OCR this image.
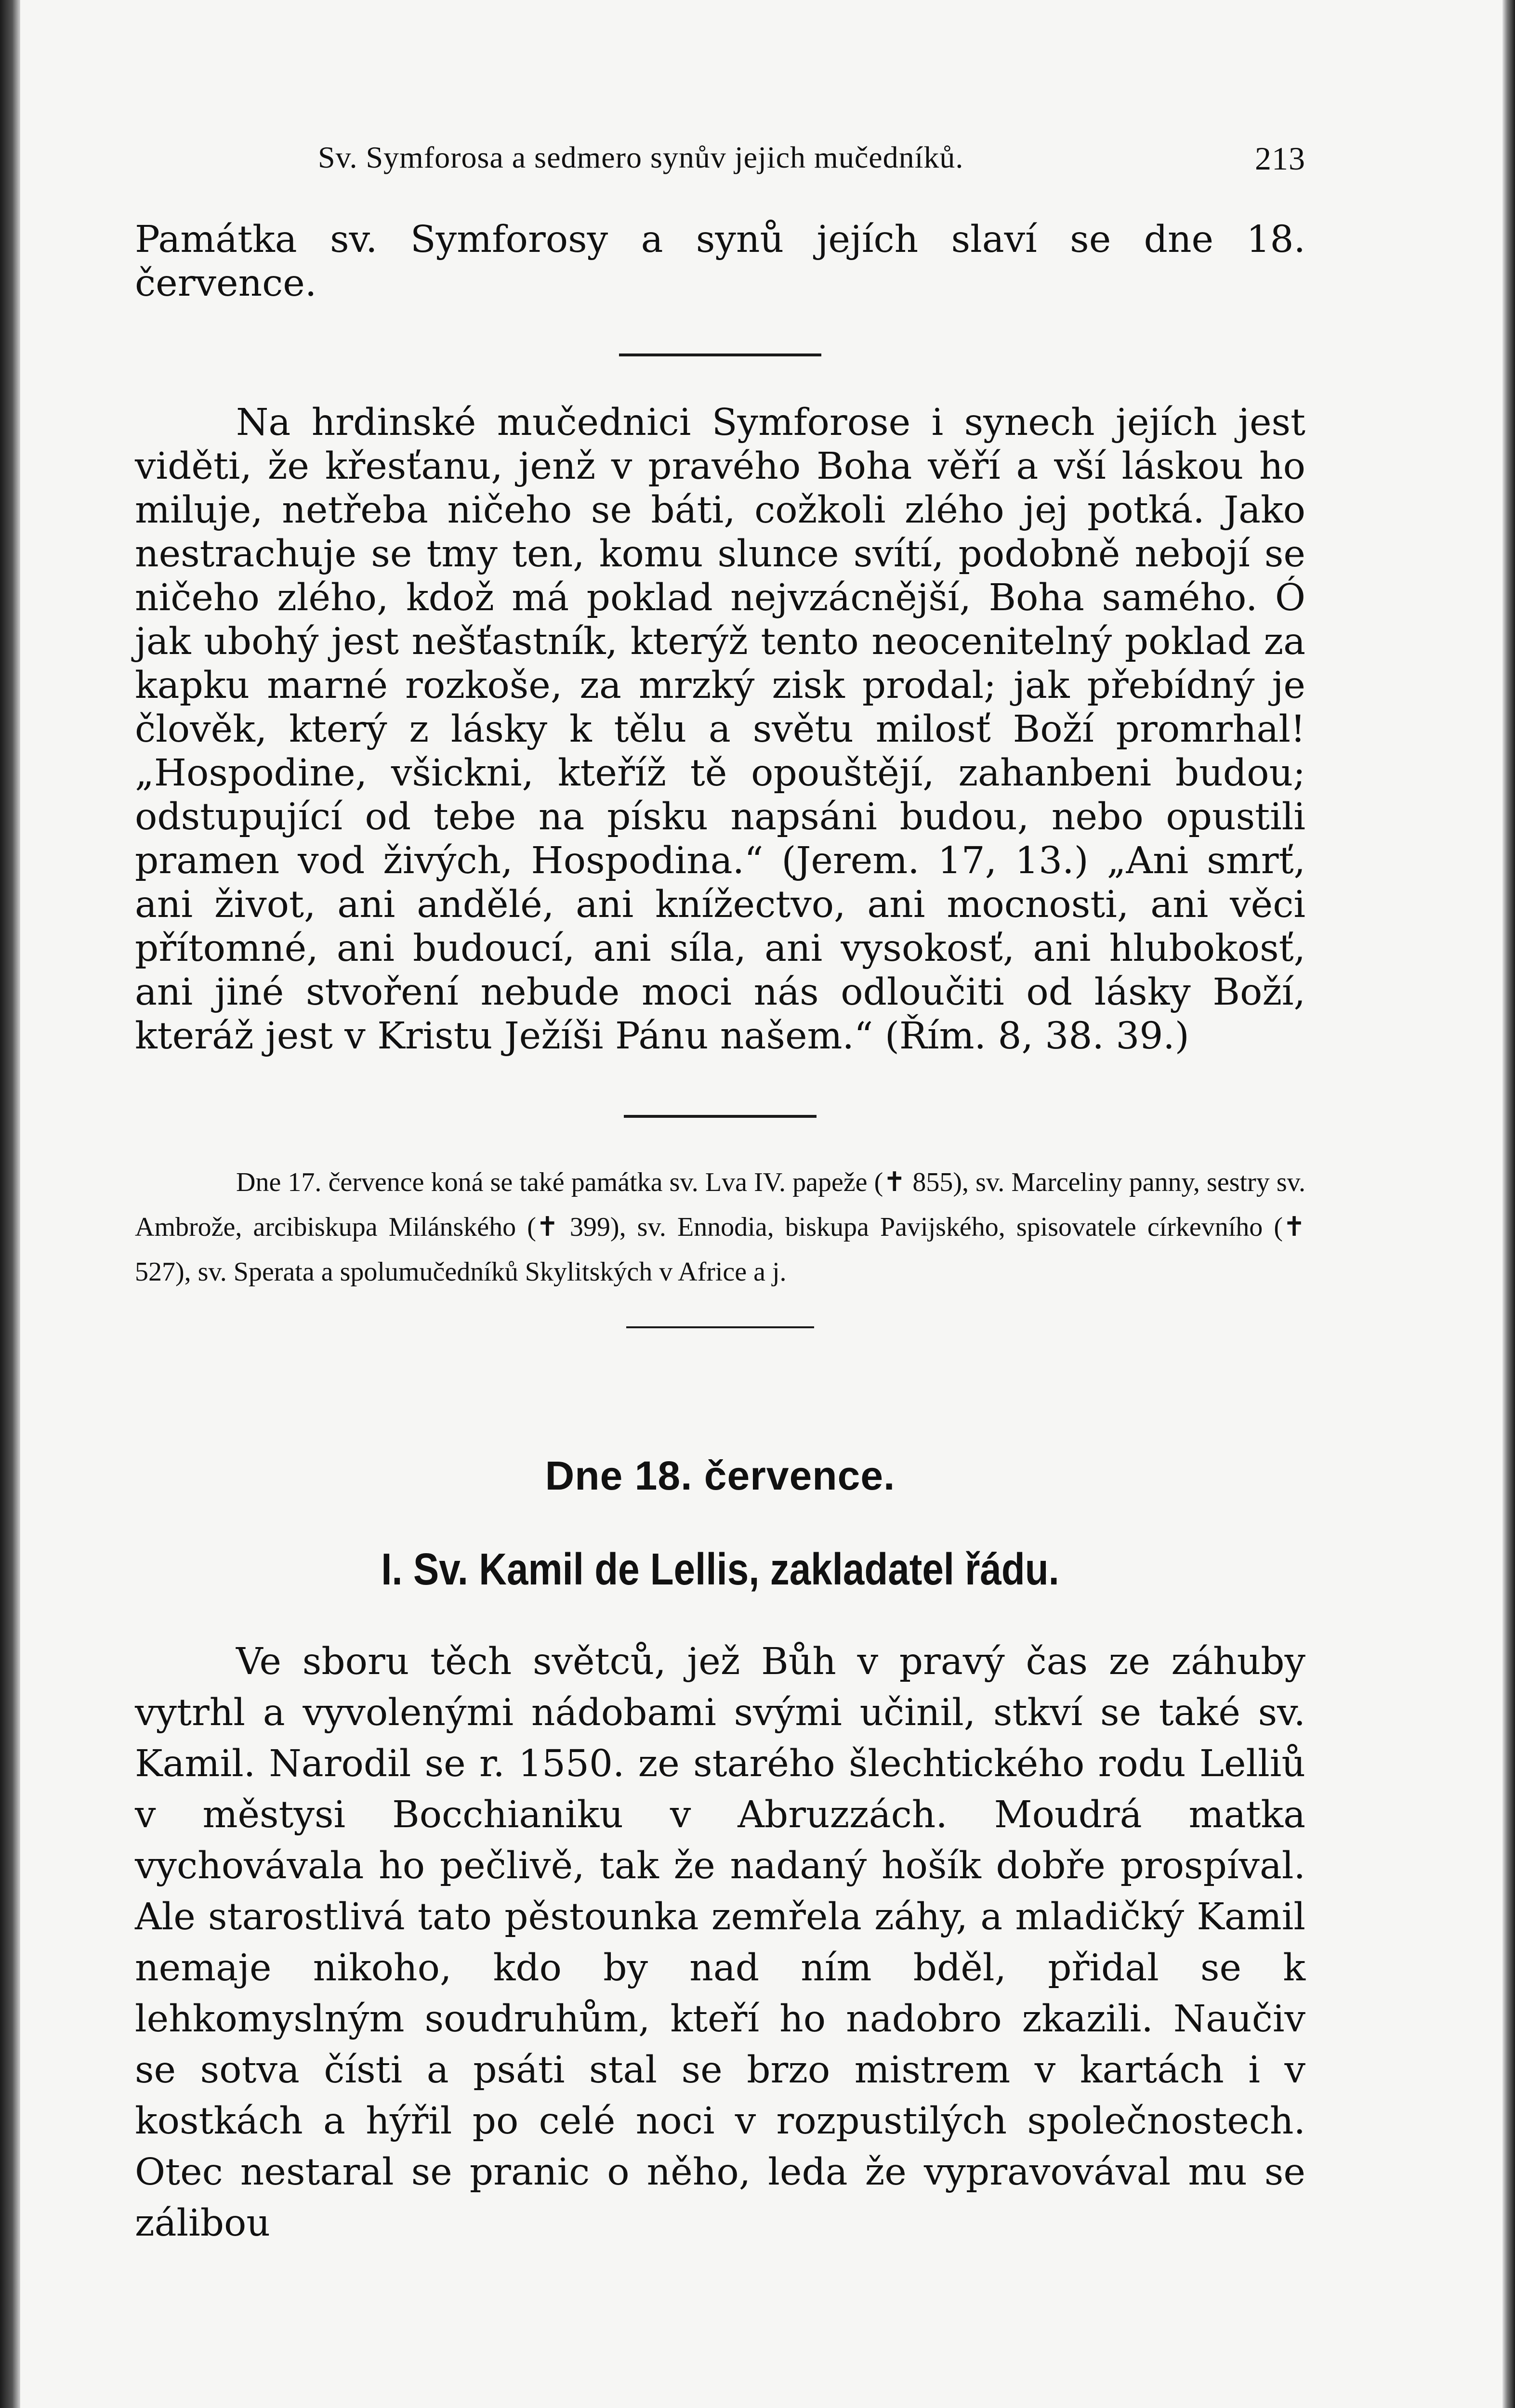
Sv. Symforosa a sedmero synův jejich mučedníků.	213

Památka sv. Symforosy a synů jejích slaví se dne 18. července.

Na hrdinské mučednici Symforose i synech jejích jest viděti, že křesťanu, jenž v pravého Boha věří a vší láskou ho miluje, netřeba ničeho se báti, cožkoli zlého jej potká. Jako nestrachuje se tmy ten, komu slunce svítí, podobně nebojí se ničeho zlého, kdož má poklad nejvzácnější, Boha samého. Ó jak ubohý jest nešťastník, kterýž tento neocenitelný poklad za kapku marné rozkoše, za mrzký zisk prodal; jak přebídný je člověk, který z lásky k tělu a světu milosť Boží promrhal! „Hospodine, všickni, kteříž tě opouštějí, zahanbeni budou; odstupující od tebe na písku napsáni budou, nebo opustili pramen vod živých, Hospodina.“ (Jerem. 17, 13.) „Ani smrť, ani život, ani andělé, ani knížectvo, ani mocnosti, ani věci přítomné, ani budoucí, ani síla, ani vysokosť, ani hlubokosť, ani jiné stvoření nebude moci nás odloučiti od lásky Boží, kteráž jest v Kristu Ježíši Pánu našem.“ (Řím. 8, 38. 39.)

Dne 17. července koná se také památka sv. Lva IV. papeže (✝ 855), sv. Marceliny panny, sestry sv. Ambrože, arcibiskupa Milánského (✝ 399), sv. Ennodia, biskupa Pavijského, spisovatele církevního (✝ 527), sv. Sperata a spolumučedníků Skylitských v Africe a j.

Dne 18. července.
I. Sv. Kamil de Lellis, zakladatel řádu.

Ve sboru těch světců, jež Bůh v pravý čas ze záhuby vytrhl a vyvolenými nádobami svými učinil, stkví se také sv. Kamil. Narodil se r. 1550. ze starého šlechtického rodu Lelliů v městysi Bocchianiku v Abruzzách. Moudrá matka vychovávala ho pečlivě, tak že nadaný hošík dobře prospíval. Ale starostlivá tato pěstounka zemřela záhy, a mladičký Kamil nemaje nikoho, kdo by nad ním bděl, přidal se k lehkomyslným soudruhům, kteří ho nadobro zkazili. Naučiv se sotva čísti a psáti stal se brzo mistrem v kartách i v kostkách a hýřil po celé noci v rozpustilých společnostech. Otec nestaral se pranic o něho, leda že vypravovával mu se zálibou
